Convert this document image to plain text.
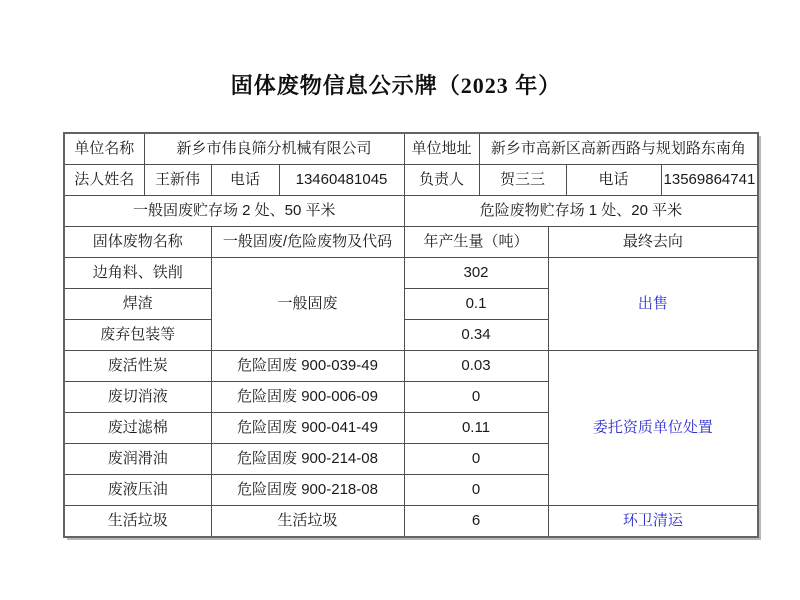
固体废物信息公示牌（2023 年）
单位名称	新乡市伟良筛分机械有限公司			单位地址	新乡市高新区高新西路与规划路东南角			
法人姓名	王新伟	电话	13460481045	负责人	贺三三		电话	13569864741
一般固废贮存场 2 处、50 平米				危险废物贮存场 1 处、20 平米				
固体废物名称		一般固废/危险废物及代码		年产生量（吨）		最终去向		
边角料、铁削		一般固废		302		出售		
焊渣				0.1				
废弃包装等				0.34				
废活性炭		危险固废 900-039-49		0.03		委托资质单位处置		
废切消液		危险固废 900-006-09		0				
废过滤棉		危险固废 900-041-49		0.11				
废润滑油		危险固废 900-214-08		0				
废液压油		危险固废 900-218-08		0				
生活垃圾		生活垃圾		6		环卫清运		
